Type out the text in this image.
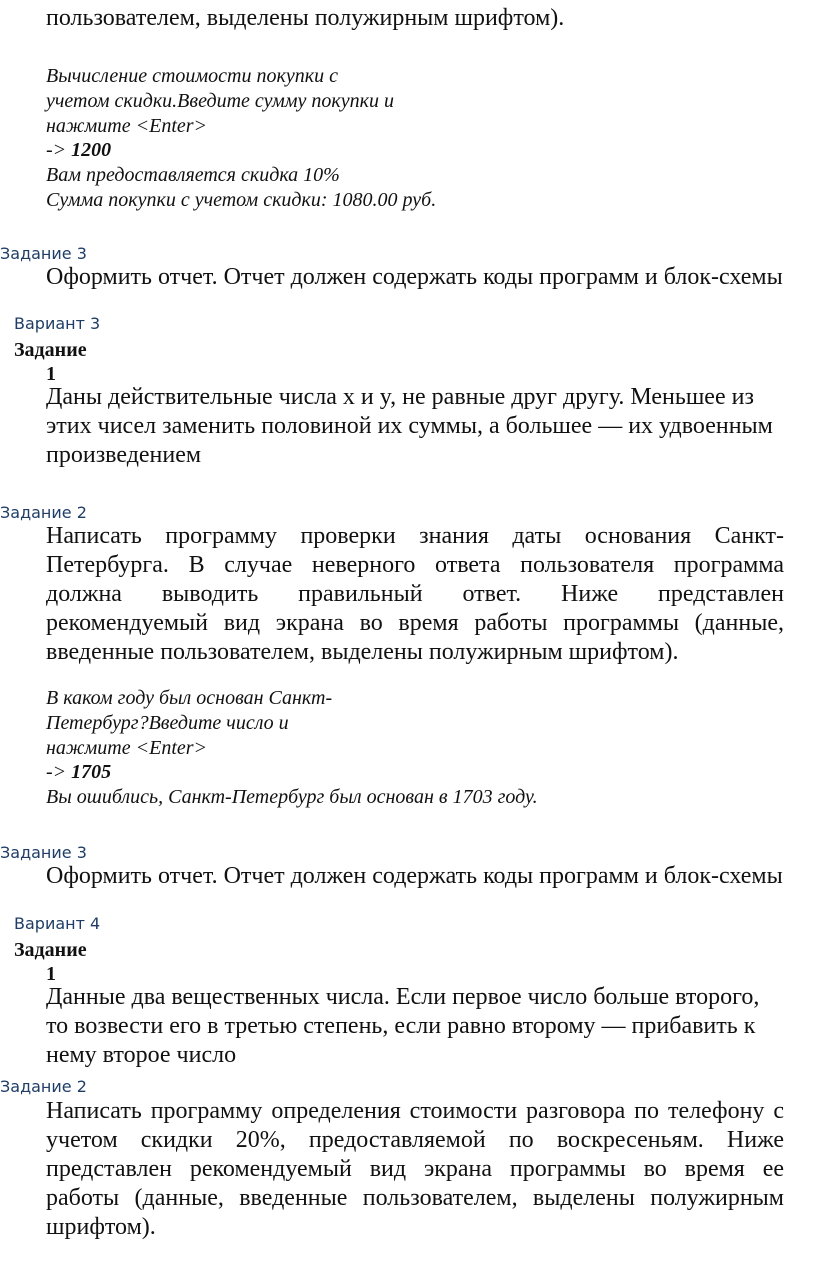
пользователем, выделены полужирным шрифтом).

Вычисление стоимости покупки с

учетом скидки.Введите сумму покупки и

нажмите <Enter>

-> 1200

Вам предоставляется скидка 10%

Сумма покупки с учетом скидки: 1080.00 руб.

Задание 3

Оформить отчет. Отчет должен содержать коды программ и блок-схемы

Вариант 3

Задание

1

Даны действительные числа x и y, не равные друг другу. Меньшее из

этих чисел заменить половиной их суммы, а большее — их удвоенным

произведением

Задание 2

Написать программу проверки знания даты основания Санкт-

Петербурга. В случае неверного ответа пользователя программа

должна выводить правильный ответ. Ниже представлен

рекомендуемый вид экрана во время работы программы (данные,

введенные пользователем, выделены полужирным шрифтом).

В каком году был основан Санкт-

Петербург?Введите число и

нажмите <Enter>

-> 1705

Вы ошиблись, Санкт-Петербург был основан в 1703 году.

Задание 3

Оформить отчет. Отчет должен содержать коды программ и блок-схемы

Вариант 4

Задание

1

Данные два вещественных числа. Если первое число больше второго,

то возвести его в третью степень, если равно второму — прибавить к

нему второе число

Задание 2

Написать программу определения стоимости разговора по телефону с

учетом скидки 20%, предоставляемой по воскресеньям. Ниже

представлен рекомендуемый вид экрана программы во время ее

работы (данные, введенные пользователем, выделены полужирным

шрифтом).
